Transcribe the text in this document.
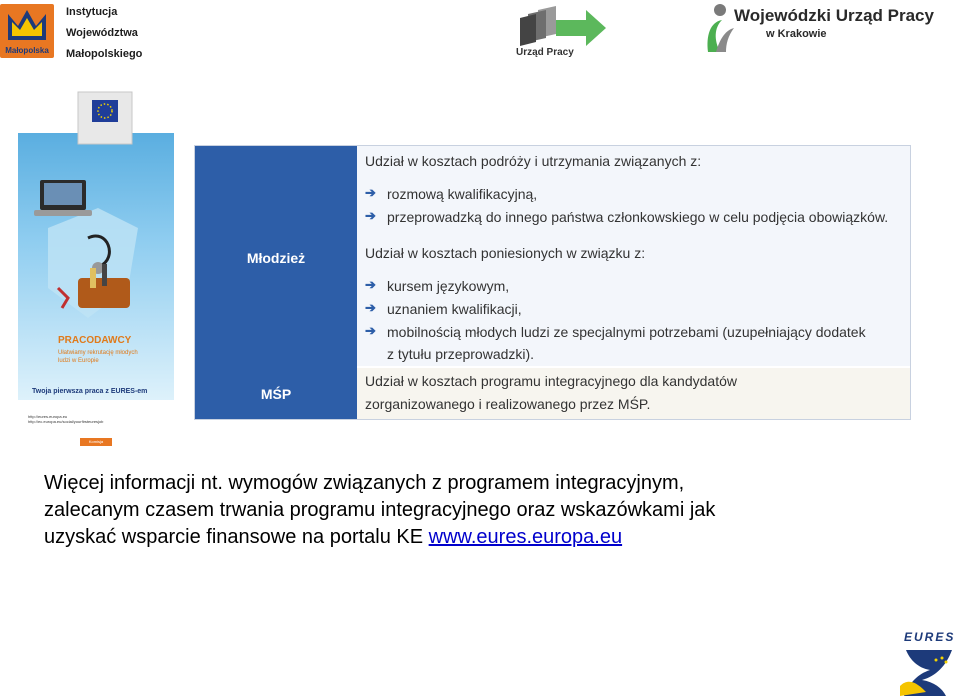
Małopolska
Instytucja
Województwa
Małopolskiego	Urząd Pracy
Wojewódzki Urząd Pracy
w Krakowie
PRACODAWCY
Ułatwiamy rekrutację młodych ludzi w Europie
Twoja pierwsza praca z EURES-em
http://eures.europa.eu
http://ec.europa.eu/social/yourfirsteuresjob
Komisja Europejska
Młodzież
Udział w kosztach podróży i utrzymania związanych z:
➔ rozmową kwalifikacyjną,
➔ przeprowadzką do innego państwa członkowskiego w celu podjęcia obowiązków.
Udział w kosztach poniesionych w związku z:
➔ kursem językowym,
➔ uznaniem kwalifikacji,
➔ mobilnością młodych ludzi ze specjalnymi potrzebami (uzupełniający dodatek
z tytułu przeprowadzki).
MŚP
Udział w kosztach programu integracyjnego dla kandydatów
zorganizowanego i realizowanego przez MŚP.
Więcej informacji nt. wymogów związanych z programem integracyjnym,
zalecanym czasem trwania programu integracyjnego oraz wskazówkami jak
uzyskać wsparcie finansowe na portalu KE www.eures.europa.eu
EURES
